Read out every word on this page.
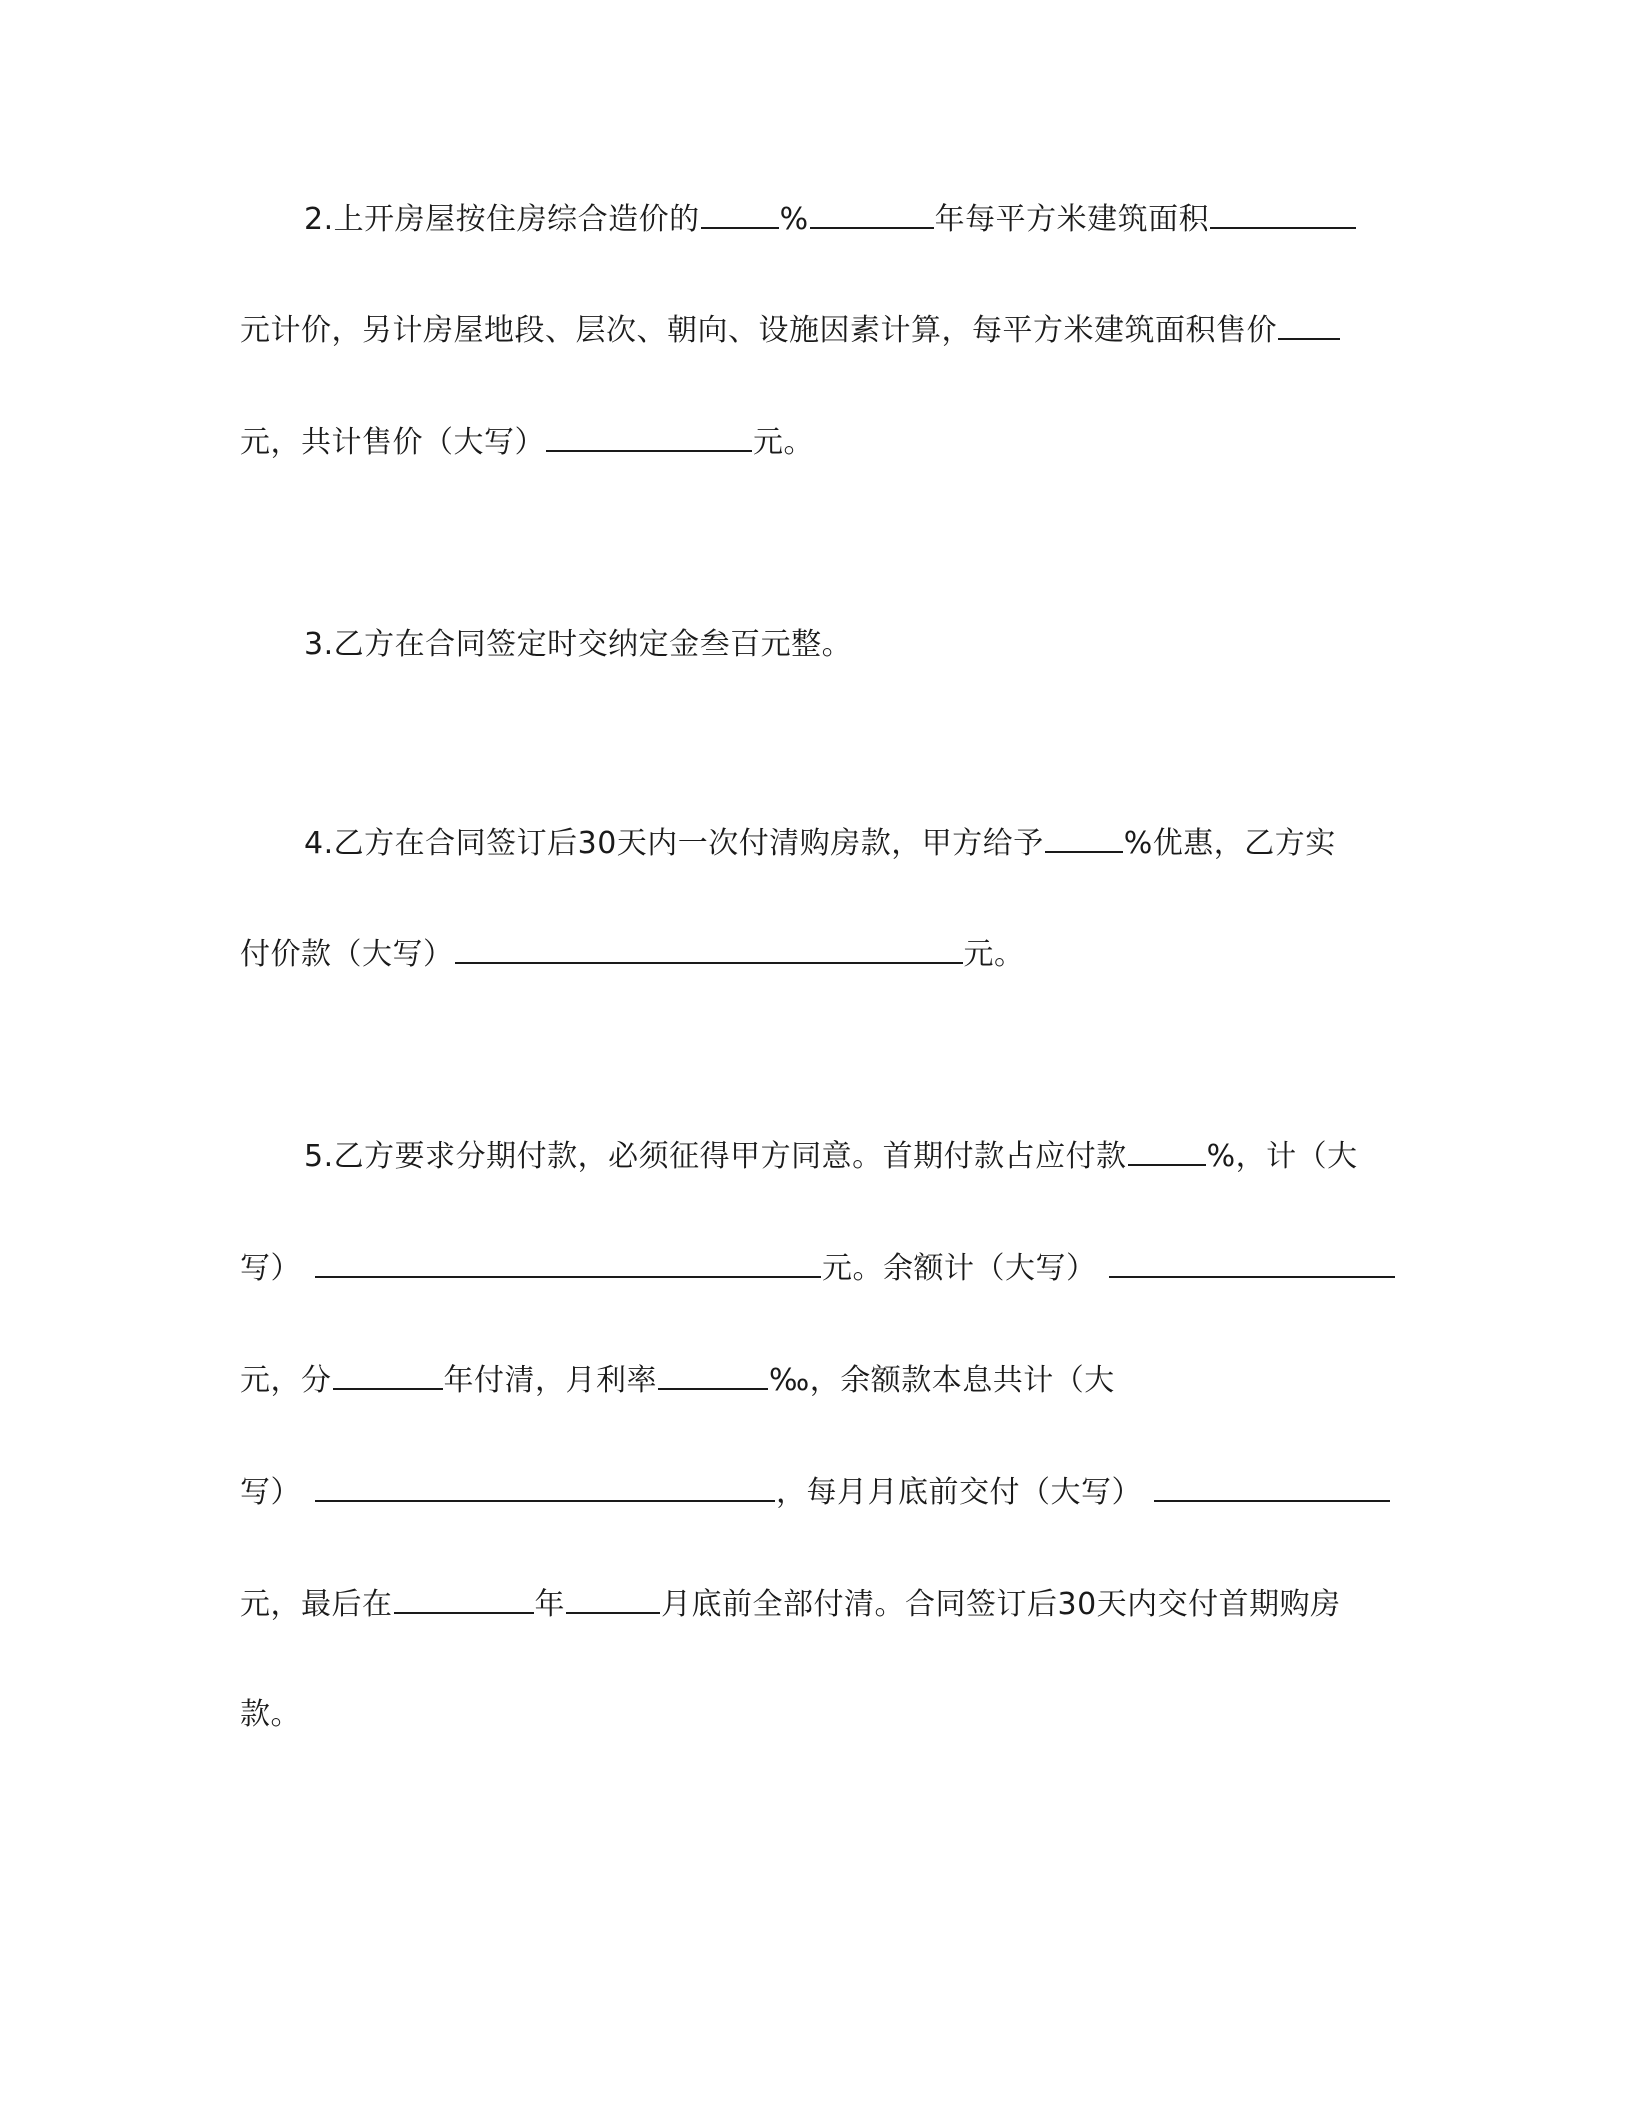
2.上开房屋按住房综合造价的	%	年每平方米建筑面积
元计价，另计房屋地段、层次、朝向、设施因素计算，每平方米建筑面积售价
元，共计售价（大写）	元。
3.乙方在合同签定时交纳定金叁百元整。
4.乙方在合同签订后30天内一次付清购房款，甲方给予	%优惠，乙方实
付价款（大写）	元。
5.乙方要求分期付款，必须征得甲方同意。首期付款占应付款	%，计（大
写）	元。余额计（大写）
元，分	年付清，月利率	‰，余额款本息共计（大
写）	，每月月底前交付（大写）
元，最后在	年	月底前全部付清。合同签订后30天内交付首期购房
款。
